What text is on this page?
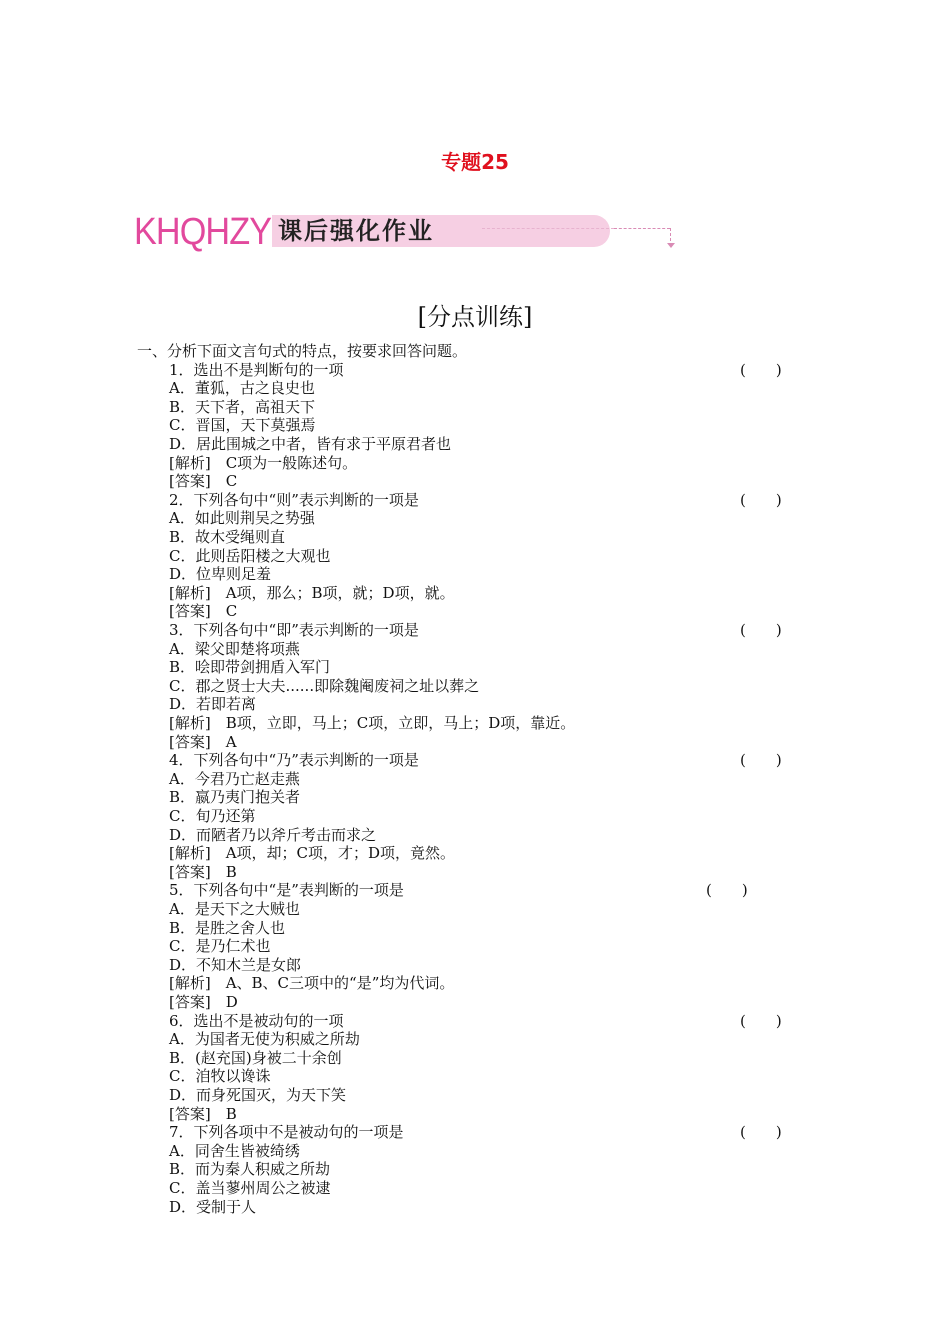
专题25
KHQHZY 课后强化作业
[分点训练]
一、分析下面文言句式的特点，按要求回答问题。
1．选出不是判断句的一项	(　　)
A．董狐，古之良史也
B．天下者，高祖天下
C．晋国，天下莫强焉
D．居此围城之中者，皆有求于平原君者也
[解析]　C项为一般陈述句。
[答案]　C
2．下列各句中“则”表示判断的一项是	(　　)
A．如此则荆吴之势强
B．故木受绳则直
C．此则岳阳楼之大观也
D．位卑则足羞
[解析]　A项，那么；B项，就；D项，就。
[答案]　C
3．下列各句中“即”表示判断的一项是	(　　)
A．梁父即楚将项燕
B．哙即带剑拥盾入军门
C．郡之贤士大夫......即除魏阉废祠之址以葬之
D．若即若离
[解析]　B项，立即，马上；C项，立即，马上；D项，靠近。
[答案]　A
4．下列各句中“乃”表示判断的一项是	(　　)
A．今君乃亡赵走燕
B．嬴乃夷门抱关者
C．旬乃还第
D．而陋者乃以斧斤考击而求之
[解析]　A项，却；C项，才；D项，竟然。
[答案]　B
5．下列各句中“是”表判断的一项是	(　　)
A．是天下之大贼也
B．是胜之舍人也
C．是乃仁术也
D．不知木兰是女郎
[解析]　A、B、C三项中的“是”均为代词。
[答案]　D
6．选出不是被动句的一项	(　　)
A．为国者无使为积威之所劫
B．(赵充国)身被二十余创
C．洎牧以谗诛
D．而身死国灭，为天下笑
[答案]　B
7．下列各项中不是被动句的一项是	(　　)
A．同舍生皆被绮绣
B．而为秦人积威之所劫
C．盖当蓼州周公之被逮
D．受制于人
